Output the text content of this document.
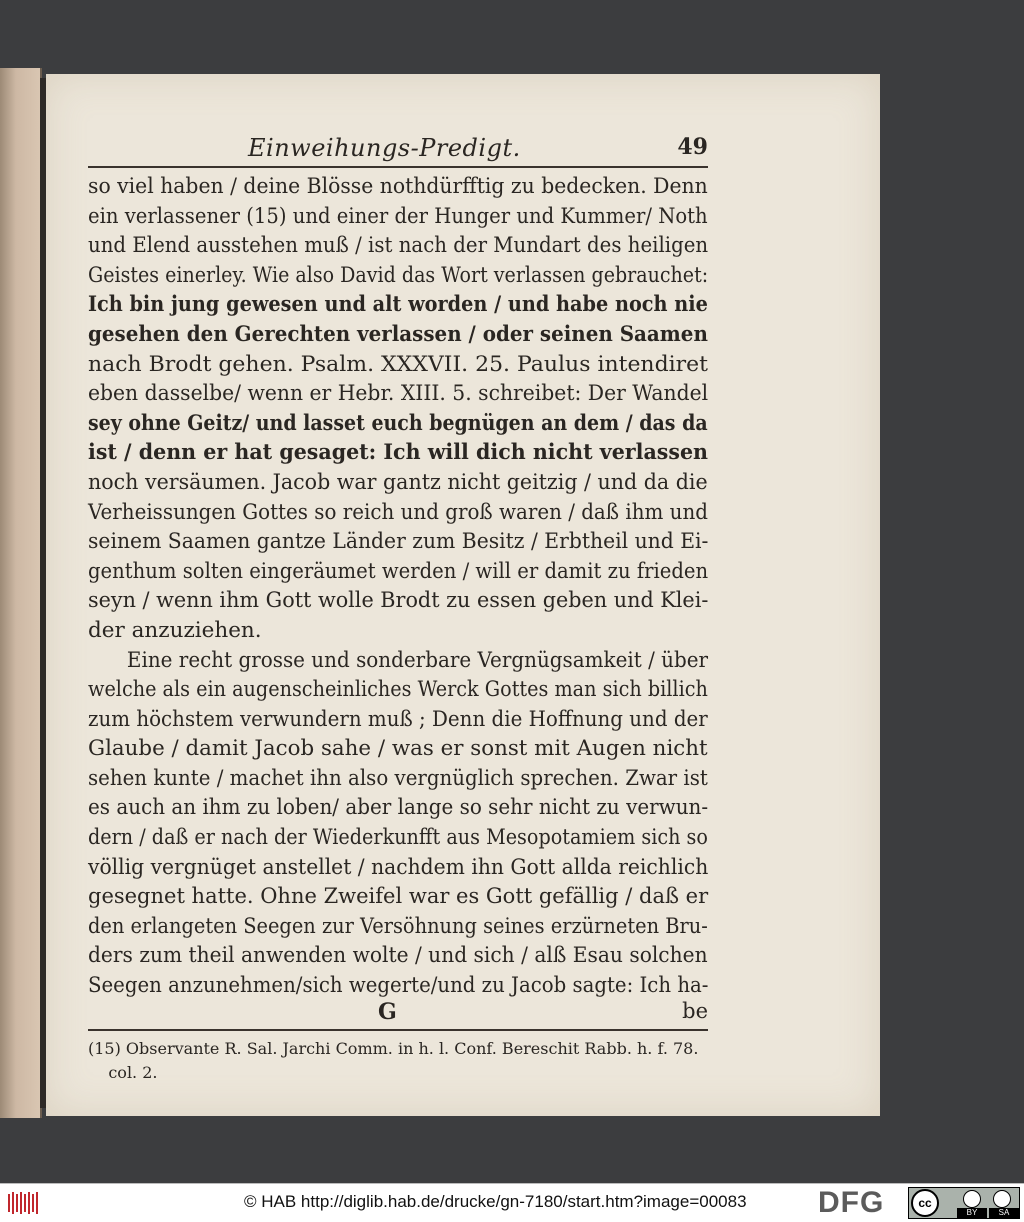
Einweihungs-Predigt.	49
so viel haben / deine Blösse nothdürfftig zu bedecken. Denn
ein verlassener (15) und einer der Hunger und Kummer/ Noth
und Elend ausstehen muß / ist nach der Mundart des heiligen
Geistes einerley. Wie also David das Wort verlassen gebrauchet:
Ich bin jung gewesen und alt worden / und habe noch nie
gesehen den Gerechten verlassen / oder seinen Saamen
nach Brodt gehen. Psalm. XXXVII. 25. Paulus intendiret
eben dasselbe/ wenn er Hebr. XIII. 5. schreibet: Der Wandel
sey ohne Geitz/ und lasset euch begnügen an dem / das da
ist / denn er hat gesaget: Ich will dich nicht verlassen
noch versäumen. Jacob war gantz nicht geitzig / und da die
Verheissungen Gottes so reich und groß waren / daß ihm und
seinem Saamen gantze Länder zum Besitz / Erbtheil und Ei-
genthum solten eingeräumet werden / will er damit zu frieden
seyn / wenn ihm Gott wolle Brodt zu essen geben und Klei-
der anzuziehen.
Eine recht grosse und sonderbare Vergnügsamkeit / über
welche als ein augenscheinliches Werck Gottes man sich billich
zum höchstem verwundern muß ; Denn die Hoffnung und der
Glaube / damit Jacob sahe / was er sonst mit Augen nicht
sehen kunte / machet ihn also vergnüglich sprechen. Zwar ist
es auch an ihm zu loben/ aber lange so sehr nicht zu verwun-
dern / daß er nach der Wiederkunfft aus Mesopotamiem sich so
völlig vergnüget anstellet / nachdem ihn Gott allda reichlich
gesegnet hatte. Ohne Zweifel war es Gott gefällig / daß er
den erlangeten Seegen zur Versöhnung seines erzürneten Bru-
ders zum theil anwenden wolte / und sich / alß Esau solchen
Seegen anzunehmen/sich wegerte/und zu Jacob sagte: Ich ha-
G	be
(15) Observante R. Sal. Jarchi Comm. in h. l. Conf. Bereschit Rabb. h. f. 78.
col. 2.
© HAB http://diglib.hab.de/drucke/gn-7180/start.htm?image=00083 DFG	cc
BY	SA
